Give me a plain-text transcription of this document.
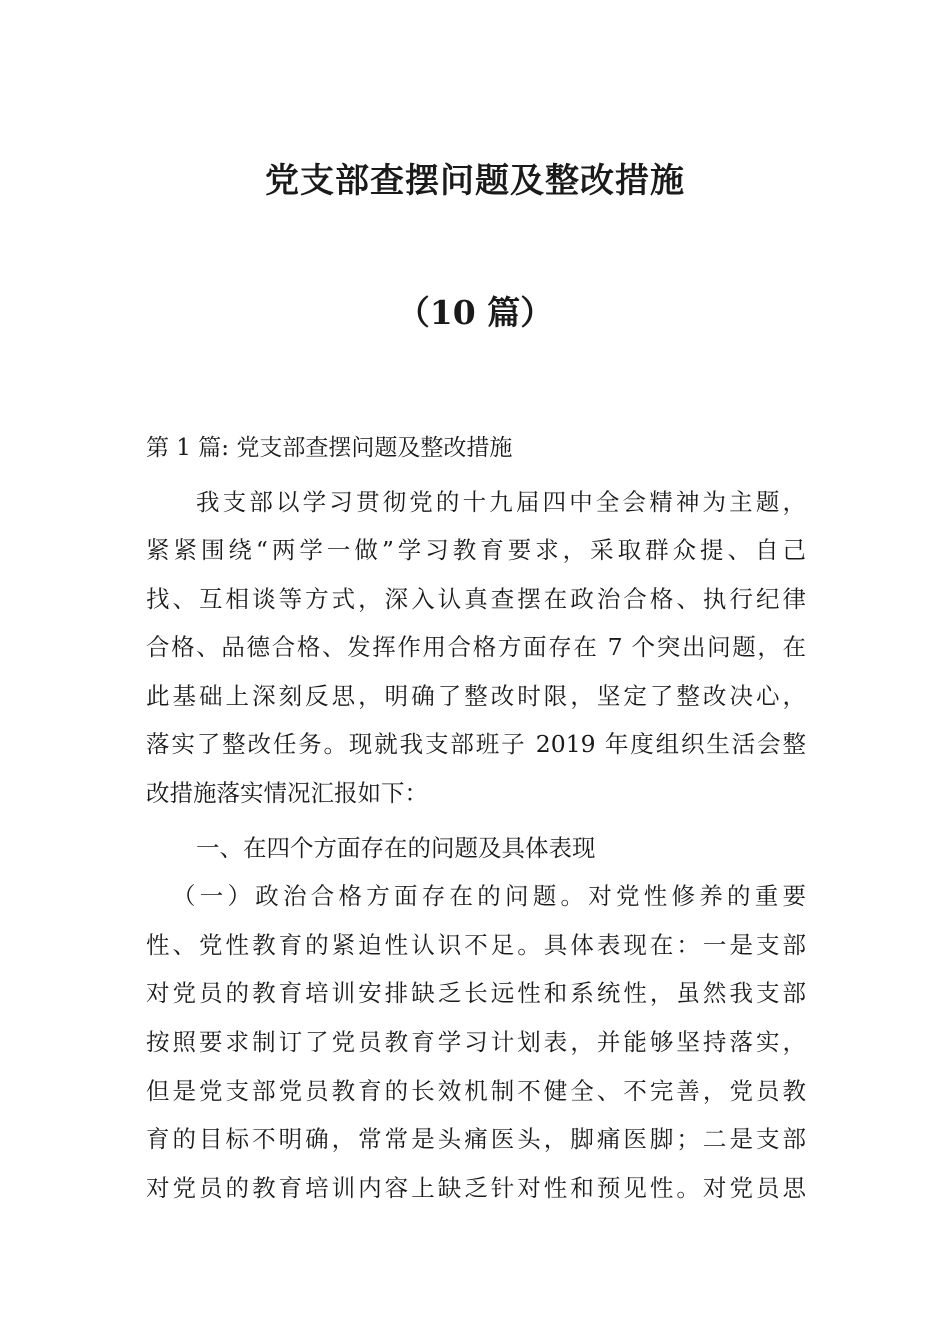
党支部查摆问题及整改措施
（10 篇）
第 1 篇: 党支部查摆问题及整改措施
我支部以学习贯彻党的十九届四中全会精神为主题，
紧紧围绕“两学一做”学习教育要求，采取群众提、自己
找、互相谈等方式，深入认真查摆在政治合格、执行纪律
合格、品德合格、发挥作用合格方面存在 7 个突出问题，在
此基础上深刻反思，明确了整改时限，坚定了整改决心，
落实了整改任务。现就我支部班子 2019 年度组织生活会整
改措施落实情况汇报如下：
一、在四个方面存在的问题及具体表现
（一）政治合格方面存在的问题。对党性修养的重要
性、党性教育的紧迫性认识不足。具体表现在：一是支部
对党员的教育培训安排缺乏长远性和系统性，虽然我支部
按照要求制订了党员教育学习计划表，并能够坚持落实，
但是党支部党员教育的长效机制不健全、不完善，党员教
育的目标不明确，常常是头痛医头，脚痛医脚；二是支部
对党员的教育培训内容上缺乏针对性和预见性。对党员思
